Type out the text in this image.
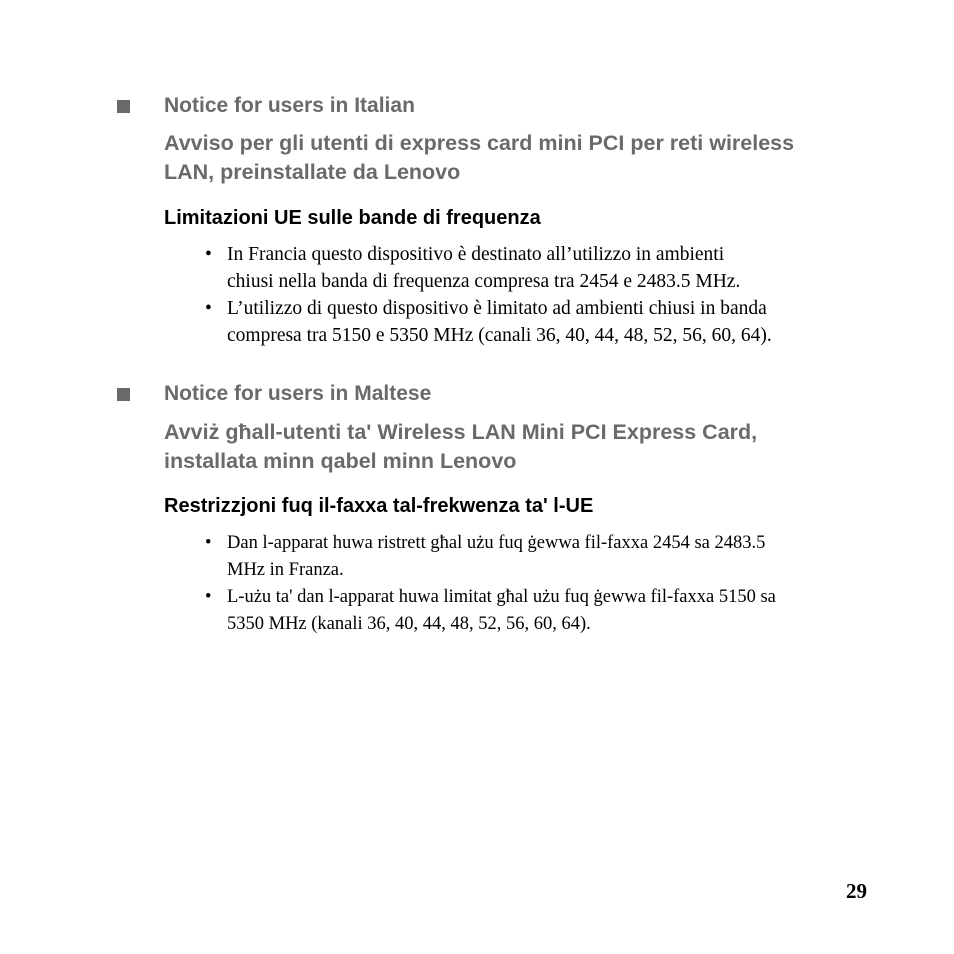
Notice for users in Italian
Avviso per gli utenti di express card mini PCI per reti wireless
LAN, preinstallate da Lenovo
Limitazioni UE sulle bande di frequenza
• In Francia questo dispositivo è destinato all’utilizzo in ambienti
chiusi nella banda di frequenza compresa tra 2454 e 2483.5 MHz.
• L’utilizzo di questo dispositivo è limitato ad ambienti chiusi in banda
compresa tra 5150 e 5350 MHz (canali 36, 40, 44, 48, 52, 56, 60, 64).
Notice for users in Maltese
Avviż għall-utenti ta' Wireless LAN Mini PCI Express Card,
installata minn qabel minn Lenovo
Restrizzjoni fuq il-faxxa tal-frekwenza ta' l-UE
• Dan l-apparat huwa ristrett għal użu fuq ġewwa fil-faxxa 2454 sa 2483.5
MHz in Franza.
• L-użu ta' dan l-apparat huwa limitat għal użu fuq ġewwa fil-faxxa 5150 sa
5350 MHz (kanali 36, 40, 44, 48, 52, 56, 60, 64).
29
